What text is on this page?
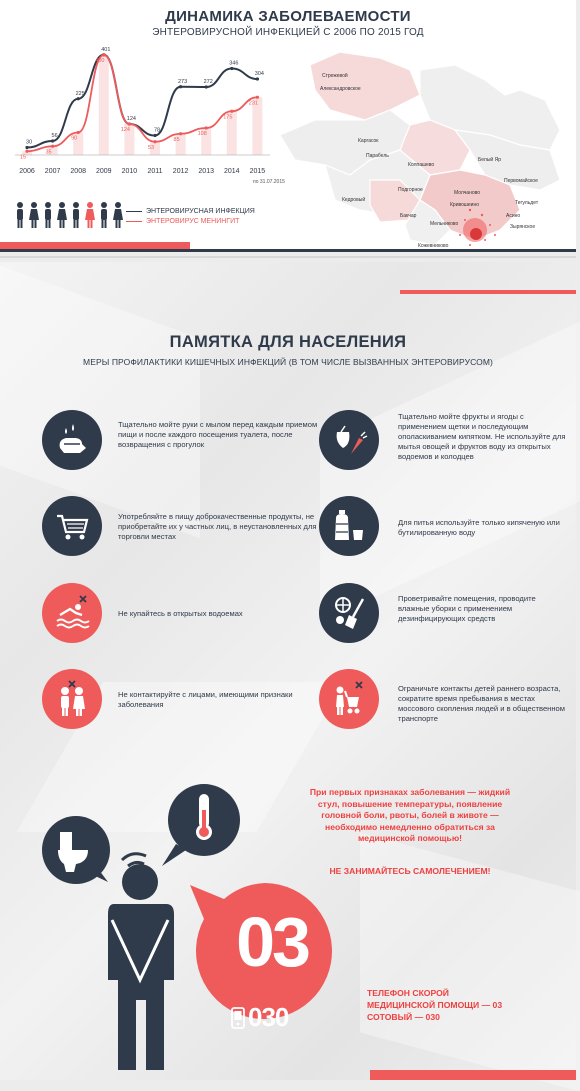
ДИНАМИКА ЗАБОЛЕВАЕМОСТИ
ЭНТЕРОВИРУСНОЙ ИНФЕКЦИЕЙ С 2006 ПО 2015 ГОД
30
56
225
401
124
78
273	272
346
304
15
35
90
400
124
53
85
108
175
231
2006 2007 2008 2009 2010 2011 2012 2013 2014 2015
по 31.07.2015
ЭНТЕРОВИРУСНАЯ ИНФЕКЦИЯ
ЭНТЕРОВИРУС МЕНИНГИТ
Стрежевой
Александровское
Каргасок
Парабель
Колпашево
Белый Яр
Первомайское
Тегульдет
Подгорное	Молчаново
Кривошеино
Асино
Зырянское
Бакчар
Мельниково
Кедровый
Кожевниково
ПАМЯТКА ДЛЯ НАСЕЛЕНИЯ
МЕРЫ ПРОФИЛАКТИКИ КИШЕЧНЫХ ИНФЕКЦИЙ (В ТОМ ЧИСЛЕ ВЫЗВАННЫХ ЭНТЕРОВИРУСОМ)
Тщательно мойте руки с мылом перед каждым приемом пищи и после каждого посещения туалета, после возвращения с прогулок
Употребляйте в пищу доброкачественные продукты, не приобретайте их у частных лиц, в неустановленных для торговли местах
Не купайтесь в открытых водоемах
Не контактируйте с лицами, имеющими признаки заболевания
Тщательно мойте фрукты и ягоды с применением щетки и последующим ополаскиванием кипятком. Не используйте для мытья овощей и фруктов воду из открытых водоемов и колодцев
Для питья используйте только кипяченую или бутилированную воду
Проветривайте помещения, проводите влажные уборки с применением дезинфицирующих средств
Ограничьте контакты детей раннего возраста, сократите время пребывания в местах моссового скопления людей и в общественном транспорте
При первых признаках заболевания — жидкий стул, повышение температуры, появление головной боли, рвоты, болей в животе — необходимо немедленно обратиться за медицинской помощью!
НЕ ЗАНИМАЙТЕСЬ САМОЛЕЧЕНИЕМ!
03
030
ТЕЛЕФОН СКОРОЙ
МЕДИЦИНСКОЙ ПОМОЩИ — 03
СОТОВЫЙ — 030
